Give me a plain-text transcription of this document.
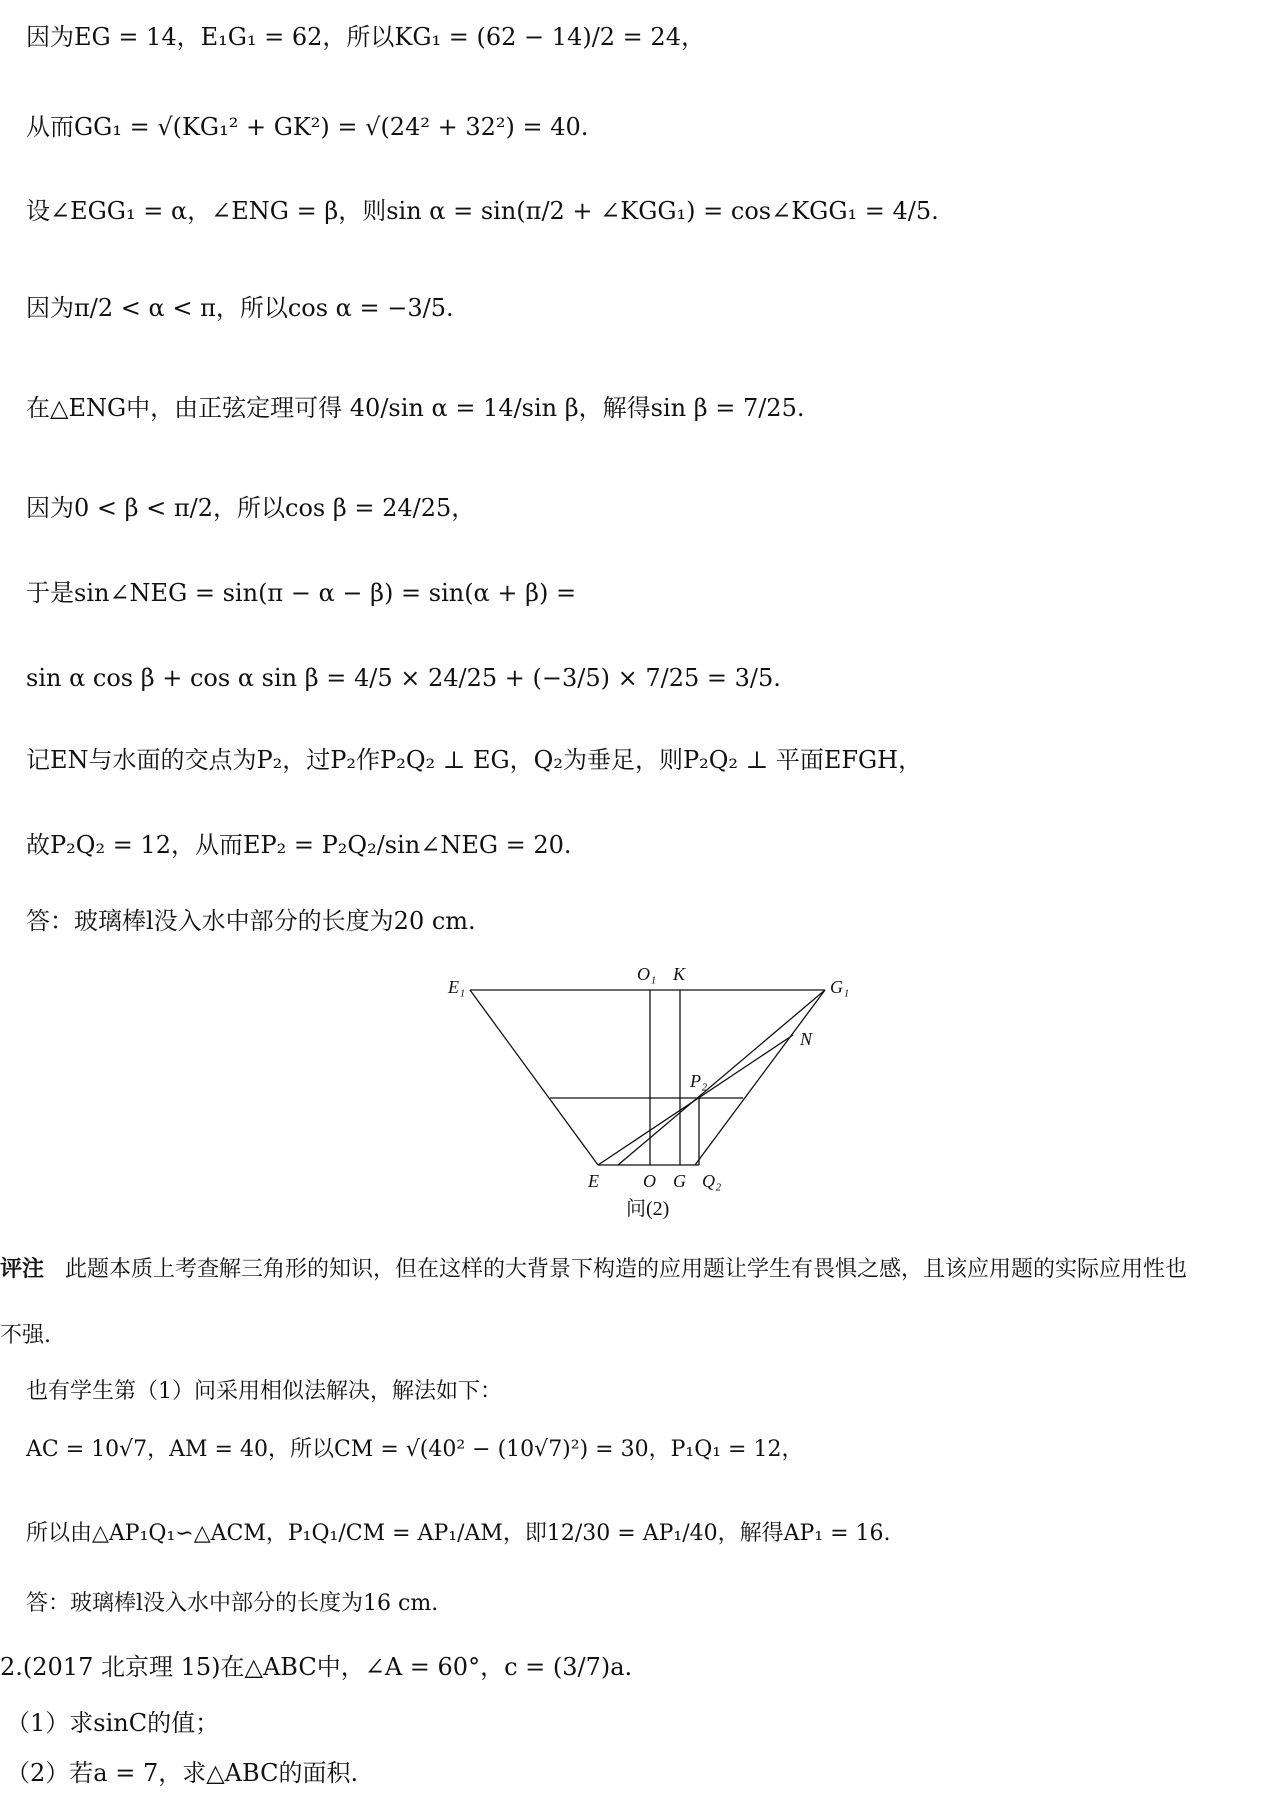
因为EG = 14，E₁G₁ = 62，所以KG₁ = (62 − 14)/2 = 24，
从而GG₁ = √(KG₁² + GK²) = √(24² + 32²) = 40.
设∠EGG₁ = α，∠ENG = β，则sin α = sin(π/2 + ∠KGG₁) = cos∠KGG₁ = 4/5.
因为π/2 < α < π，所以cos α = −3/5.
在△ENG中，由正弦定理可得 40/sin α = 14/sin β，解得sin β = 7/25.
因为0 < β < π/2，所以cos β = 24/25，
于是sin∠NEG = sin(π − α − β) = sin(α + β) =
sin α cos β + cos α sin β = 4/5 × 24/25 + (−3/5) × 7/25 = 3/5.
记EN与水面的交点为P₂，过P₂作P₂Q₂ ⊥ EG，Q₂为垂足，则P₂Q₂ ⊥ 平面EFGH，
故P₂Q₂ = 12，从而EP₂ = P₂Q₂/sin∠NEG = 20.
答：玻璃棒l没入水中部分的长度为20 cm.
E₁
O₁ K
G₁
N
P₂
E O G Q₂
问(2)
评注 此题本质上考查解三角形的知识，但在这样的大背景下构造的应用题让学生有畏惧之感，且该应用题的实际应用性也
不强.
也有学生第（1）问采用相似法解决，解法如下：
AC = 10√7，AM = 40，所以CM = √(40² − (10√7)²) = 30，P₁Q₁ = 12，
所以由△AP₁Q₁∽△ACM，P₁Q₁/CM = AP₁/AM，即12/30 = AP₁/40，解得AP₁ = 16.
答：玻璃棒l没入水中部分的长度为16 cm.
2.(2017 北京理 15)在△ABC中，∠A = 60°，c = (3/7)a.
（1）求sinC的值；
（2）若a = 7，求△ABC的面积.
